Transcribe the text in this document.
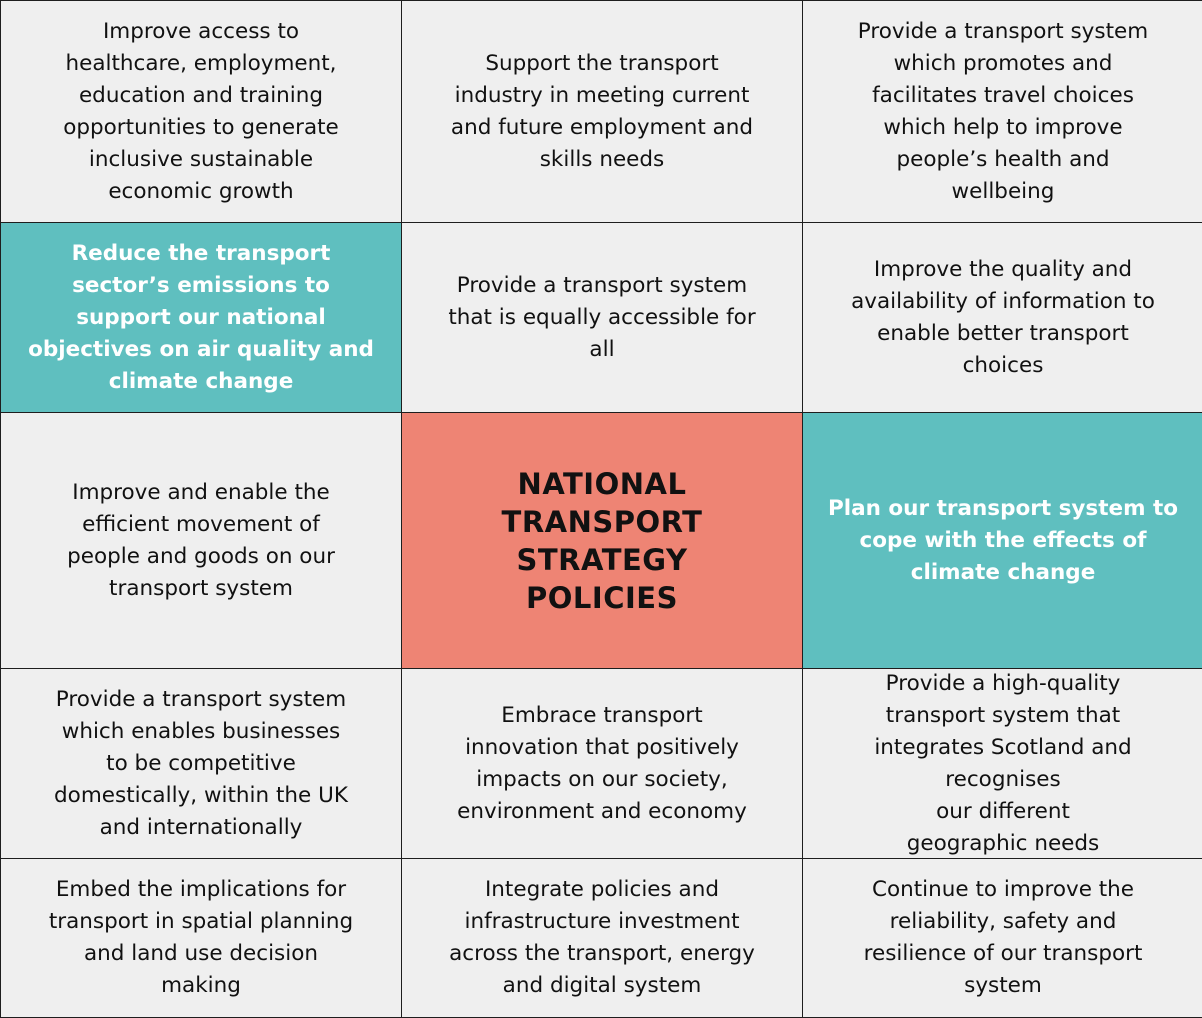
Improve access to
healthcare, employment,
education and training
opportunities to generate
inclusive sustainable
economic growth
Support the transport
industry in meeting current
and future employment and
skills needs
Provide a transport system
which promotes and
facilitates travel choices
which help to improve
people’s health and
wellbeing
Reduce the transport
sector’s emissions to
support our national
objectives on air quality and
climate change
Provide a transport system
that is equally accessible for
all
Improve the quality and
availability of information to
enable better transport
choices
Improve and enable the
efficient movement of
people and goods on our
transport system
NATIONAL
TRANSPORT
STRATEGY
POLICIES
Plan our transport system to
cope with the effects of
climate change
Provide a transport system
which enables businesses
to be competitive
domestically, within the UK
and internationally
Embrace transport
innovation that positively
impacts on our society,
environment and economy
Provide a high-quality
transport system that
integrates Scotland and recognises
our different
geographic needs
Embed the implications for
transport in spatial planning
and land use decision
making
Integrate policies and
infrastructure investment
across the transport, energy
and digital system
Continue to improve the
reliability, safety and
resilience of our transport
system
